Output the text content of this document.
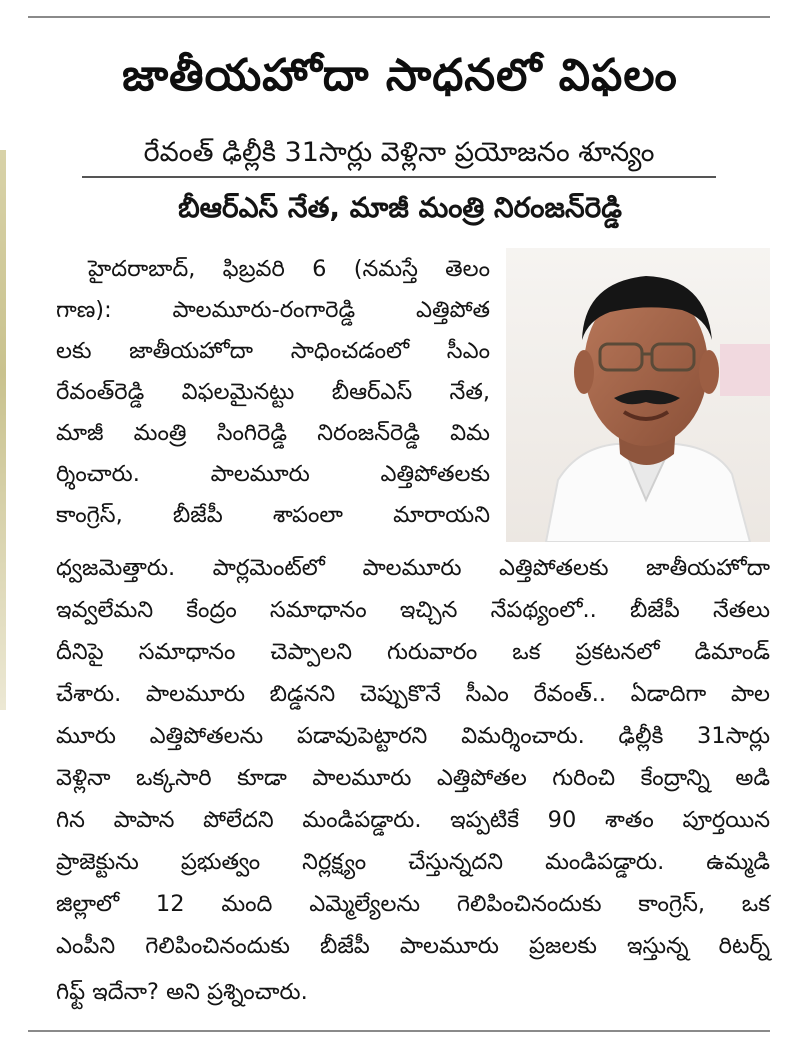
జాతీయహోదా సాధనలో విఫలం
రేవంత్ ఢిల్లీకి 31సార్లు వెళ్లినా ప్రయోజనం శూన్యం
బీఆర్ఎస్ నేత, మాజీ మంత్రి నిరంజన్‌రెడ్డి
హైదరాబాద్, ఫిబ్రవరి 6 (నమస్తే తెలం
గాణ): పాలమూరు-రంగారెడ్డి ఎత్తిపోత
లకు జాతీయహోదా సాధించడంలో సీఎం
రేవంత్‌రెడ్డి విఫలమైనట్టు బీఆర్ఎస్ నేత,
మాజీ మంత్రి సింగిరెడ్డి నిరంజన్‌రెడ్డి విమ
ర్శించారు. పాలమూరు ఎత్తిపోతలకు
కాంగ్రెస్, బీజేపీ శాపంలా మారాయని
ధ్వజమెత్తారు. పార్లమెంట్‌లో పాలమూరు ఎత్తిపోతలకు జాతీయహోదా
ఇవ్వలేమని కేంద్రం సమాధానం ఇచ్చిన నేపథ్యంలో.. బీజేపీ నేతలు
దీనిపై సమాధానం చెప్పాలని గురువారం ఒక ప్రకటనలో డిమాండ్
చేశారు. పాలమూరు బిడ్డనని చెప్పుకొనే సీఎం రేవంత్.. ఏడాదిగా పాల
మూరు ఎత్తిపోతలను పడావుపెట్టారని విమర్శించారు. ఢిల్లీకి 31సార్లు
వెళ్లినా ఒక్కసారి కూడా పాలమూరు ఎత్తిపోతల గురించి కేంద్రాన్ని అడి
గిన పాపాన పోలేదని మండిపడ్డారు. ఇప్పటికే 90 శాతం పూర్తయిన
ప్రాజెక్టును ప్రభుత్వం నిర్లక్ష్యం చేస్తున్నదని మండిపడ్డారు. ఉమ్మడి
జిల్లాలో 12 మంది ఎమ్మెల్యేలను గెలిపించినందుకు కాంగ్రెస్, ఒక
ఎంపీని గెలిపించినందుకు బీజేపీ పాలమూరు ప్రజలకు ఇస్తున్న రిటర్న్
గిఫ్ట్ ఇదేనా? అని ప్రశ్నించారు.
